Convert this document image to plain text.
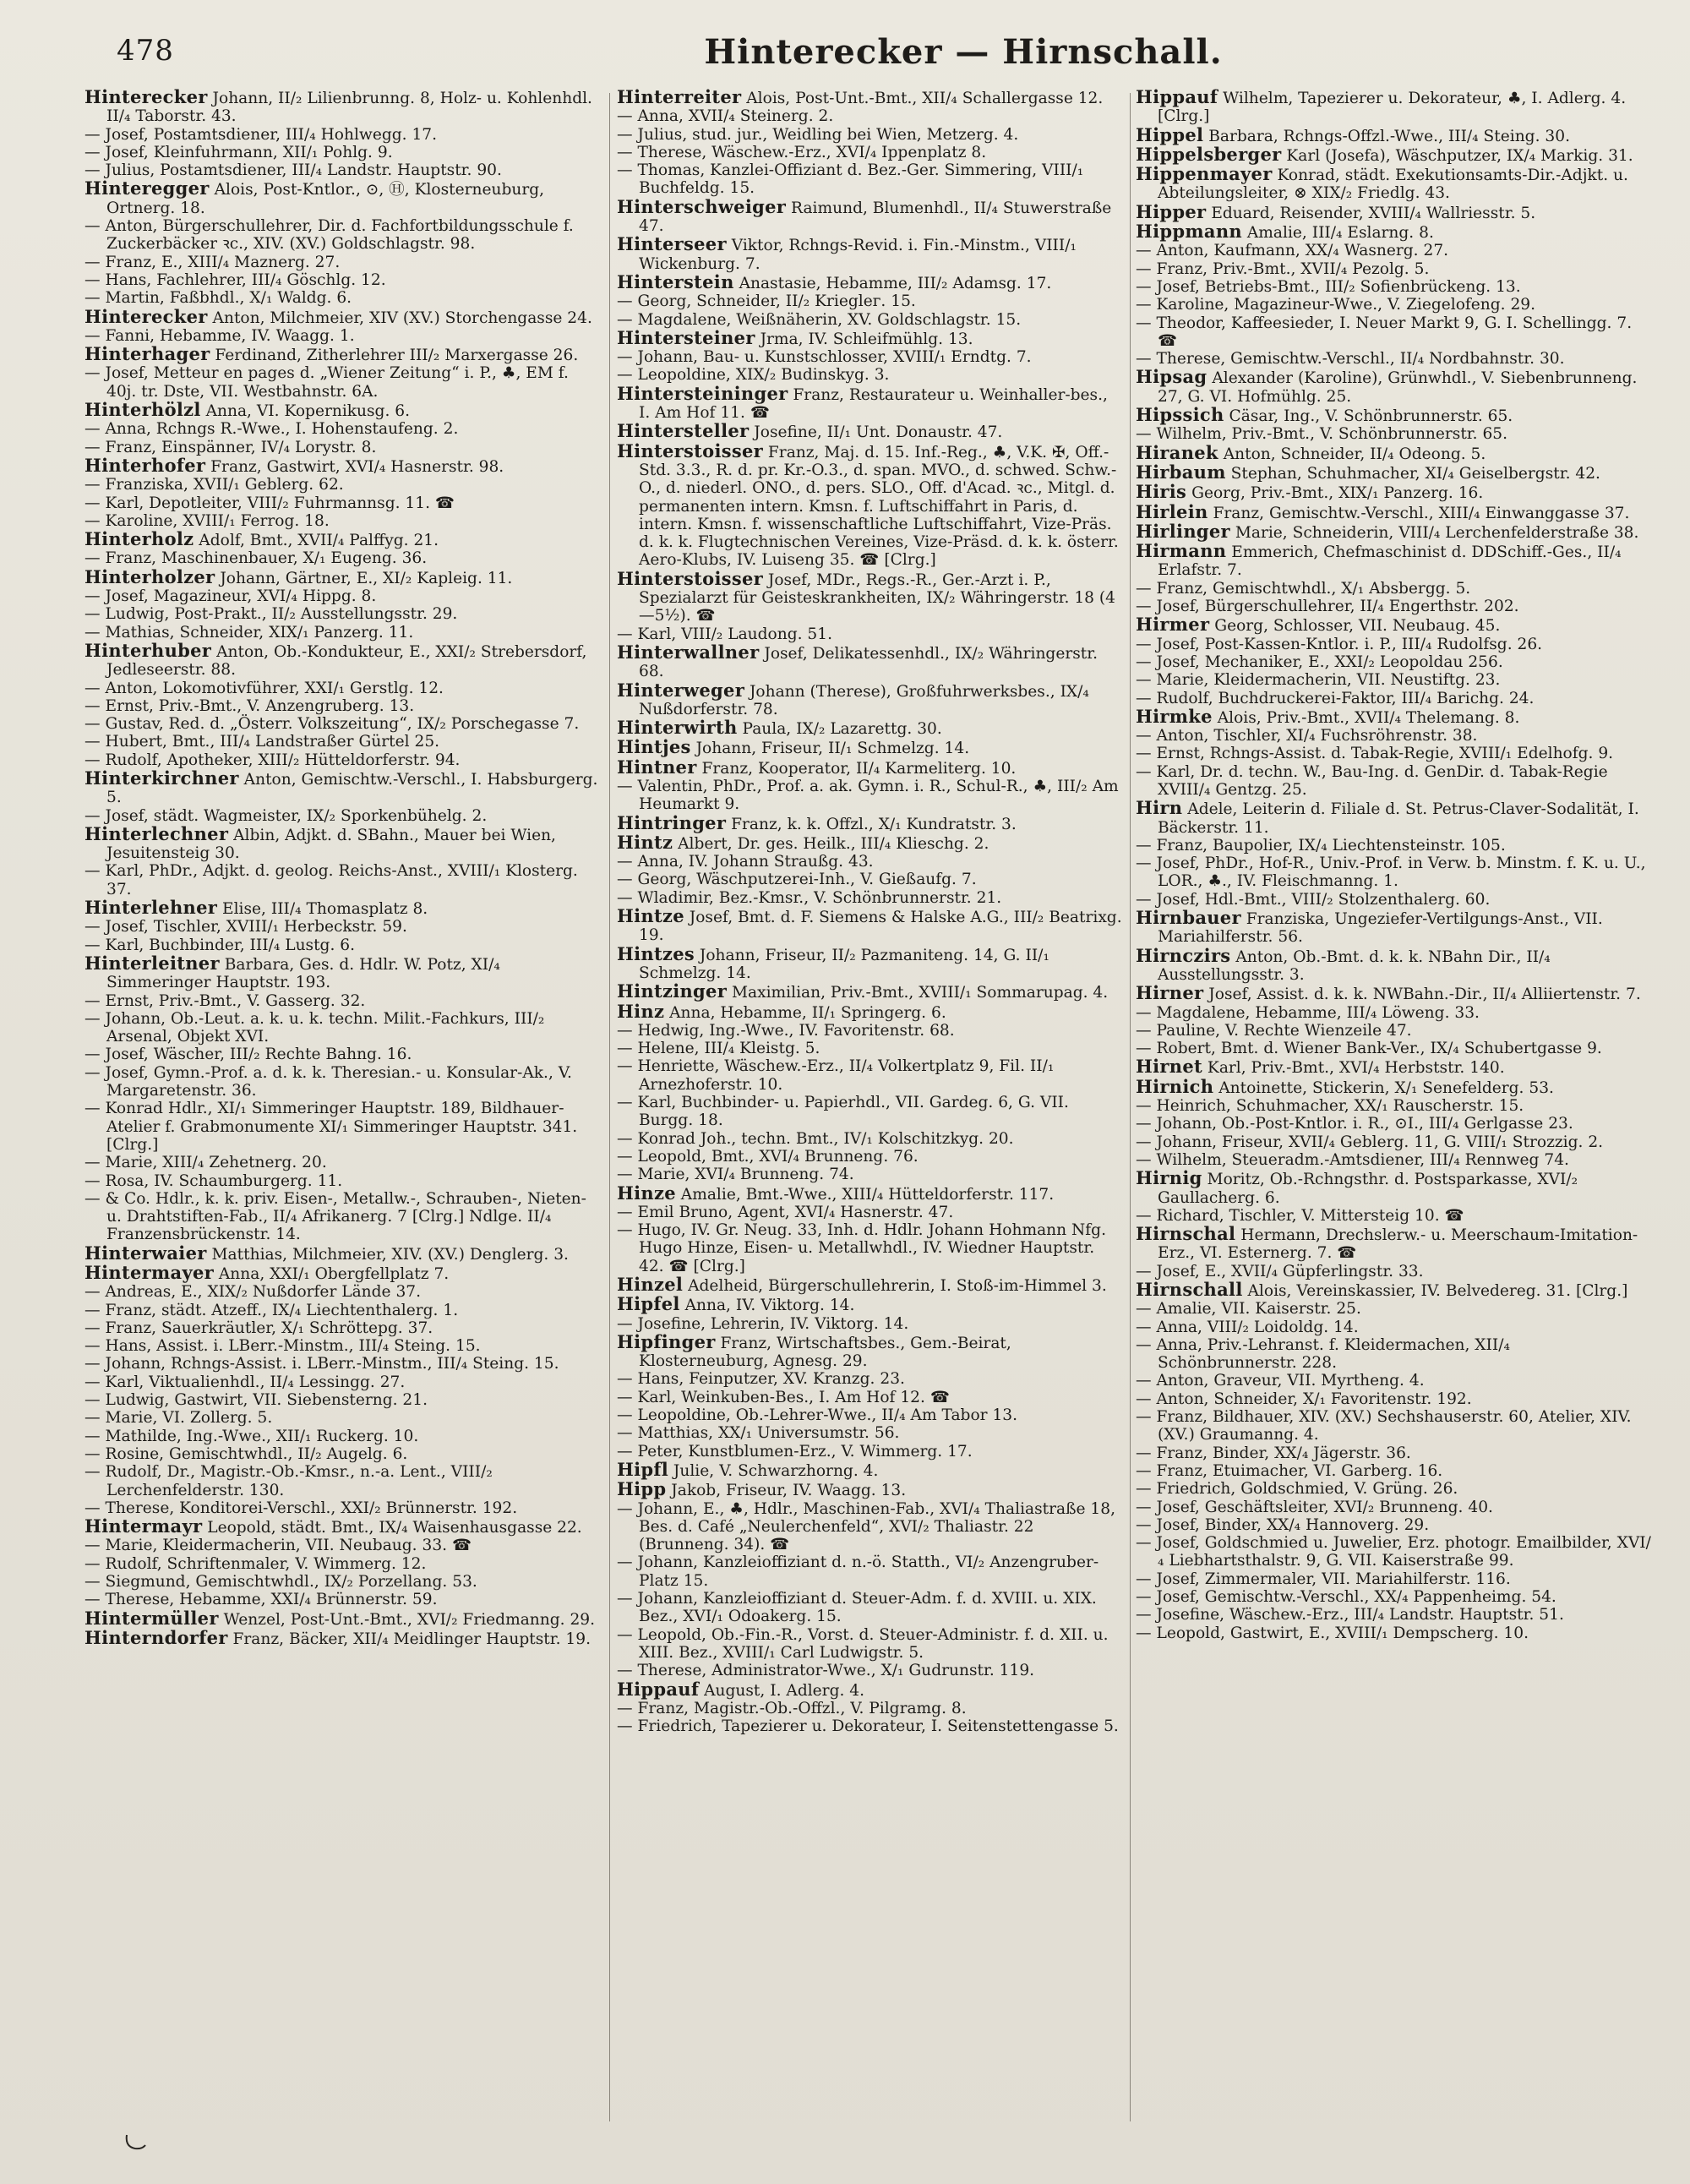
478	Hinterecker — Hirnschall.
Hinterecker Johann, II/₂ Lilienbrunng. 8, Holz- u. Kohlenhdl. II/₄ Taborstr. 43.
— Josef, Postamtsdiener, III/₄ Hohlwegg. 17.
— Josef, Kleinfuhrmann, XII/₁ Pohlg. 9.
— Julius, Postamtsdiener, III/₄ Landstr. Hauptstr. 90.
Hinteregger Alois, Post-Kntlor., ⊙, Ⓗ, Klosterneuburg, Ortnerg. 18.
— Anton, Bürgerschullehrer, Dir. d. Fachfortbildungsschule f. Zuckerbäcker ꝛc., XIV. (XV.) Goldschlagstr. 98.
— Franz, E., XIII/₄ Maznerg. 27.
— Hans, Fachlehrer, III/₄ Göschlg. 12.
— Martin, Faßbhdl., X/₁ Waldg. 6.
Hinterecker Anton, Milchmeier, XIV (XV.) Storchengasse 24.
— Fanni, Hebamme, IV. Waagg. 1.
Hinterhager Ferdinand, Zitherlehrer III/₂ Marxergasse 26.
— Josef, Metteur en pages d. „Wiener Zeitung“ i. P., ♣, EM f. 40j. tr. Dste, VII. Westbahnstr. 6A.
Hinterhölzl Anna, VI. Kopernikusg. 6.
— Anna, Rchngs R.-Wwe., I. Hohenstaufeng. 2.
— Franz, Einspänner, IV/₄ Lorystr. 8.
Hinterhofer Franz, Gastwirt, XVI/₄ Hasnerstr. 98.
— Franziska, XVII/₁ Geblerg. 62.
— Karl, Depotleiter, VIII/₂ Fuhrmannsg. 11. ☎
— Karoline, XVIII/₁ Ferrog. 18.
Hinterholz Adolf, Bmt., XVII/₄ Palffyg. 21.
— Franz, Maschinenbauer, X/₁ Eugeng. 36.
Hinterholzer Johann, Gärtner, E., XI/₂ Kapleig. 11.
— Josef, Magazineur, XVI/₄ Hippg. 8.
— Ludwig, Post-Prakt., II/₂ Ausstellungsstr. 29.
— Mathias, Schneider, XIX/₁ Panzerg. 11.
Hinterhuber Anton, Ob.-Kondukteur, E., XXI/₂ Strebersdorf, Jedleseerstr. 88.
— Anton, Lokomotivführer, XXI/₁ Gerstlg. 12.
— Ernst, Priv.-Bmt., V. Anzengruberg. 13.
— Gustav, Red. d. „Österr. Volkszeitung“, IX/₂ Porschegasse 7.
— Hubert, Bmt., III/₄ Landstraßer Gürtel 25.
— Rudolf, Apotheker, XIII/₂ Hütteldorferstr. 94.
Hinterkirchner Anton, Gemischtw.-Verschl., I. Habsburgerg. 5.
— Josef, städt. Wagmeister, IX/₂ Sporkenbühelg. 2.
Hinterlechner Albin, Adjkt. d. SBahn., Mauer bei Wien, Jesuitensteig 30.
— Karl, PhDr., Adjkt. d. geolog. Reichs-Anst., XVIII/₁ Klosterg. 37.
Hinterlehner Elise, III/₄ Thomasplatz 8.
— Josef, Tischler, XVIII/₁ Herbeckstr. 59.
— Karl, Buchbinder, III/₄ Lustg. 6.
Hinterleitner Barbara, Ges. d. Hdlr. W. Potz, XI/₄ Simmeringer Hauptstr. 193.
— Ernst, Priv.-Bmt., V. Gasserg. 32.
— Johann, Ob.-Leut. a. k. u. k. techn. Milit.-Fachkurs, III/₂ Arsenal, Objekt XVI.
— Josef, Wäscher, III/₂ Rechte Bahng. 16.
— Josef, Gymn.-Prof. a. d. k. k. Theresian.- u. Konsular-Ak., V. Margaretenstr. 36.
— Konrad Hdlr., XI/₁ Simmeringer Hauptstr. 189, Bildhauer-Atelier f. Grabmonumente XI/₁ Simmeringer Hauptstr. 341. [Clrg.]
— Marie, XIII/₄ Zehetnerg. 20.
— Rosa, IV. Schaumburgerg. 11.
— & Co. Hdlr., k. k. priv. Eisen-, Metallw.-, Schrauben-, Nieten- u. Drahtstiften-Fab., II/₄ Afrikanerg. 7 [Clrg.] Ndlge. II/₄ Franzensbrückenstr. 14.
Hinterwaier Matthias, Milchmeier, XIV. (XV.) Denglerg. 3.
Hintermayer Anna, XXI/₁ Obergfellplatz 7.
— Andreas, E., XIX/₂ Nußdorfer Lände 37.
— Franz, städt. Atzeff., IX/₄ Liechtenthalerg. 1.
— Franz, Sauerkräutler, X/₁ Schröttерg. 37.
— Hans, Assist. i. LBerr.-Minstm., III/₄ Steing. 15.
— Johann, Rchngs-Assist. i. LBerr.-Minstm., III/₄ Steing. 15.
— Karl, Viktualienhdl., II/₄ Lessingg. 27.
— Ludwig, Gastwirt, VII. Siebensterng. 21.
— Marie, VI. Zollerg. 5.
— Mathilde, Ing.-Wwe., XII/₁ Ruckerg. 10.
— Rosine, Gemischtwhdl., II/₂ Augelg. 6.
— Rudolf, Dr., Magistr.-Ob.-Kmsr., n.-a. Lent., VIII/₂ Lerchenfelderstr. 130.
— Therese, Konditorei-Verschl., XXI/₂ Brünnerstr. 192.
Hintermayr Leopold, städt. Bmt., IX/₄ Waisenhausgasse 22.
— Marie, Kleidermacherin, VII. Neubaug. 33. ☎
— Rudolf, Schriftenmaler, V. Wimmerg. 12.
— Siegmund, Gemischtwhdl., IX/₂ Porzellang. 53.
— Therese, Hebamme, XXI/₄ Brünnerstr. 59.
Hintermüller Wenzel, Post-Unt.-Bmt., XVI/₂ Friedmanng. 29.
Hinterndorfer Franz, Bäcker, XII/₄ Meidlinger Hauptstr. 19.
Hinterreiter Alois, Post-Unt.-Bmt., XII/₄ Schallergasse 12.
— Anna, XVII/₄ Steinerg. 2.
— Julius, stud. jur., Weidling bei Wien, Metzerg. 4.
— Therese, Wäschew.-Erz., XVI/₄ Ippenplatz 8.
— Thomas, Kanzlei-Offiziant d. Bez.-Ger. Simmering, VIII/₁ Buchfeldg. 15.
Hinterschweiger Raimund, Blumenhdl., II/₄ Stuwerstraße 47.
Hinterseer Viktor, Rchngs-Revid. i. Fin.-Minstm., VIII/₁ Wickenburg. 7.
Hinterstein Anastasie, Hebamme, III/₂ Adamsg. 17.
— Georg, Schneider, II/₂ Kriegleг. 15.
— Magdalene, Weißnäherin, XV. Goldschlagstr. 15.
Hintersteiner Jrma, IV. Schleifmühlg. 13.
— Johann, Bau- u. Kunstschlosser, XVIII/₁ Erndtg. 7.
— Leopoldine, XIX/₂ Budinskyg. 3.
Hintersteininger Franz, Restaurateur u. Weinhaller-bes., I. Am Hof 11. ☎
Hintersteller Josefine, II/₁ Unt. Donaustr. 47.
Hinterstoisser Franz, Maj. d. 15. Inf.-Reg., ♣, V.K. ✠, Off.-Std. 3.3., R. d. pr. Kr.-O.3., d. span. MVO., d. schwed. Schw.-O., d. niederl. ONO., d. pers. SLO., Off. d'Acad. ꝛc., Mitgl. d. permanenten intern. Kmsn. f. Luftschiffahrt in Paris, d. intern. Kmsn. f. wissenschaftliche Luftschiffahrt, Vize-Präs. d. k. k. Flugtechnischen Vereines, Vize-Präsd. d. k. k. österr. Aero-Klubs, IV. Luiseng 35. ☎ [Clrg.]
Hinterstoisser Josef, MDr., Regs.-R., Ger.-Arzt i. P., Spezialarzt für Geisteskrankheiten, IX/₂ Währingerstr. 18 (4—5½). ☎
— Karl, VIII/₂ Laudong. 51.
Hinterwallner Josef, Delikatessenhdl., IX/₂ Währingerstr. 68.
Hinterweger Johann (Therese), Großfuhrwerksbes., IX/₄ Nußdorferstr. 78.
Hinterwirth Paula, IX/₂ Lazarettg. 30.
Hintjes Johann, Friseur, II/₁ Schmelzg. 14.
Hintner Franz, Kooperator, II/₄ Karmeliterg. 10.
— Valentin, PhDr., Prof. a. ak. Gymn. i. R., Schul-R., ♣, III/₂ Am Heumarkt 9.
Hintringer Franz, k. k. Offzl., X/₁ Kundratstr. 3.
Hintz Albert, Dr. ges. Heilk., III/₄ Klieschg. 2.
— Anna, IV. Johann Straußg. 43.
— Georg, Wäschputzerei-Inh., V. Gießaufg. 7.
— Wladimir, Bez.-Kmsr., V. Schönbrunnerstr. 21.
Hintze Josef, Bmt. d. F. Siemens & Halske A.G., III/₂ Beatrixg. 19.
Hintzes Johann, Friseur, II/₂ Pazmaniteng. 14, G. II/₁ Schmelzg. 14.
Hintzinger Maximilian, Priv.-Bmt., XVIII/₁ Sommarupag. 4.
Hinz Anna, Hebamme, II/₁ Springerg. 6.
— Hedwig, Ing.-Wwe., IV. Favoritenstr. 68.
— Helene, III/₄ Kleistg. 5.
— Henriette, Wäschew.-Erz., II/₄ Volkertplatz 9, Fil. II/₁ Arnezhoferstr. 10.
— Karl, Buchbinder- u. Papierhdl., VII. Gardeg. 6, G. VII. Burgg. 18.
— Konrad Joh., techn. Bmt., IV/₁ Kolschitzkyg. 20.
— Leopold, Bmt., XVI/₄ Brunneng. 76.
— Marie, XVI/₄ Brunneng. 74.
Hinze Amalie, Bmt.-Wwe., XIII/₄ Hütteldorferstr. 117.
— Emil Bruno, Agent, XVI/₄ Hasnerstr. 47.
— Hugo, IV. Gr. Neug. 33, Inh. d. Hdlr. Johann Hohmann Nfg. Hugo Hinze, Eisen- u. Metallwhdl., IV. Wiedner Hauptstr. 42. ☎ [Clrg.]
Hinzel Adelheid, Bürgerschullehrerin, I. Stoß-im-Himmel 3.
Hipfel Anna, IV. Viktorg. 14.
— Josefine, Lehrerin, IV. Viktorg. 14.
Hipfinger Franz, Wirtschaftsbes., Gem.-Beirat, Klosterneuburg, Agnesg. 29.
— Hans, Feinputzer, XV. Kranzg. 23.
— Karl, Weinkuben-Bes., I. Am Hof 12. ☎
— Leopoldine, Ob.-Lehrer-Wwe., II/₄ Am Tabor 13.
— Matthias, XX/₁ Universumstr. 56.
— Peter, Kunstblumen-Erz., V. Wimmerg. 17.
Hipfl Julie, V. Schwarzhorng. 4.
Hipp Jakob, Friseur, IV. Waagg. 13.
— Johann, E., ♣, Hdlr., Maschinen-Fab., XVI/₄ Thaliastraße 18, Bes. d. Café „Neulerchenfeld“, XVI/₂ Thaliastr. 22 (Brunneng. 34). ☎
— Johann, Kanzleioffiziant d. n.-ö. Statth., VI/₂ Anzengruber-Platz 15.
— Johann, Kanzleioffiziant d. Steuer-Adm. f. d. XVIII. u. XIX. Bez., XVI/₁ Odoakerg. 15.
— Leopold, Ob.-Fin.-R., Vorst. d. Steuer-Administr. f. d. XII. u. XIII. Bez., XVIII/₁ Carl Ludwigstr. 5.
— Therese, Administrator-Wwe., X/₁ Gudrunstr. 119.
Hippauf August, I. Adlerg. 4.
— Franz, Magistr.-Ob.-Offzl., V. Pilgramg. 8.
— Friedrich, Tapezierer u. Dekorateur, I. Seitenstettengasse 5.
Hippauf Wilhelm, Tapezierer u. Dekorateur, ♣, I. Adlerg. 4. [Clrg.]
Hippel Barbara, Rchngs-Offzl.-Wwe., III/₄ Steing. 30.
Hippelsberger Karl (Josefa), Wäschputzer, IX/₄ Markig. 31.
Hippenmayer Konrad, städt. Exekutionsamts-Dir.-Adjkt. u. Abteilungsleiter, ⊗ XIX/₂ Friedlg. 43.
Hipper Eduard, Reisender, XVIII/₄ Wallriesstr. 5.
Hippmann Amalie, III/₄ Eslarng. 8.
— Anton, Kaufmann, XX/₄ Wasnerg. 27.
— Franz, Priv.-Bmt., XVII/₄ Pezolg. 5.
— Josef, Betriebs-Bmt., III/₂ Sofienbrückeng. 13.
— Karoline, Magazineur-Wwe., V. Ziegelofeng. 29.
— Theodor, Kaffeesieder, I. Neuer Markt 9, G. I. Schellingg. 7. ☎
— Therese, Gemischtw.-Verschl., II/₄ Nordbahnstr. 30.
Hipsag Alexander (Karoline), Grünwhdl., V. Siebenbrunneng. 27, G. VI. Hofmühlg. 25.
Hipssich Cäsar, Ing., V. Schönbrunnerstr. 65.
— Wilhelm, Priv.-Bmt., V. Schönbrunnerstr. 65.
Hiranek Anton, Schneider, II/₄ Odeong. 5.
Hirbaum Stephan, Schuhmacher, XI/₄ Geiselbergstr. 42.
Hiris Georg, Priv.-Bmt., XIX/₁ Panzerg. 16.
Hirlein Franz, Gemischtw.-Verschl., XIII/₄ Einwanggasse 37.
Hirlinger Marie, Schneiderin, VIII/₄ Lerchenfelderstraße 38.
Hirmann Emmerich, Chefmaschinist d. DDSchiff.-Ges., II/₄ Erlafstr. 7.
— Franz, Gemischtwhdl., X/₁ Absbergg. 5.
— Josef, Bürgerschullehrer, II/₄ Engerthstr. 202.
Hirmer Georg, Schlosser, VII. Neubaug. 45.
— Josef, Post-Kassen-Kntlor. i. P., III/₄ Rudolfsg. 26.
— Josef, Mechaniker, E., XXI/₂ Leopoldau 256.
— Marie, Kleidermacherin, VII. Neustiftg. 23.
— Rudolf, Buchdruckerei-Faktor, III/₄ Barichg. 24.
Hirmke Alois, Priv.-Bmt., XVII/₄ Thelemang. 8.
— Anton, Tischler, XI/₄ Fuchsröhrenstr. 38.
— Ernst, Rchngs-Assist. d. Tabak-Regie, XVIII/₁ Edelhofg. 9.
— Karl, Dr. d. techn. W., Bau-Ing. d. GenDir. d. Tabak-Regie XVIII/₄ Gentzg. 25.
Hirn Adele, Leiterin d. Filiale d. St. Petrus-Claver-Sodalität, I. Bäckerstr. 11.
— Franz, Baupolier, IX/₄ Liechtensteinstr. 105.
— Josef, PhDr., Hof-R., Univ.-Prof. in Verw. b. Minstm. f. K. u. U., LOR., ♣., IV. Fleischmanng. 1.
— Josef, Hdl.-Bmt., VIII/₂ Stolzenthalerg. 60.
Hirnbauer Franziska, Ungeziefer-Vertilgungs-Anst., VII. Mariahilferstr. 56.
Hirnczirs Anton, Ob.-Bmt. d. k. k. NBahn Dir., II/₄ Ausstellungsstr. 3.
Hirner Josef, Assist. d. k. k. NWBahn.-Dir., II/₄ Alliiertenstr. 7.
— Magdalene, Hebamme, III/₄ Löweng. 33.
— Pauline, V. Rechte Wienzeile 47.
— Robert, Bmt. d. Wiener Bank-Ver., IX/₄ Schubertgasse 9.
Hirnet Karl, Priv.-Bmt., XVI/₄ Herbststr. 140.
Hirnich Antoinette, Stickerin, X/₁ Senefelderg. 53.
— Heinrich, Schuhmacher, XX/₁ Rauscherstr. 15.
— Johann, Ob.-Post-Kntlor. i. R., ⊙I., III/₄ Gerlgasse 23.
— Johann, Friseur, XVII/₄ Geblerg. 11, G. VIII/₁ Strozzig. 2.
— Wilhelm, Steueradm.-Amtsdiener, III/₄ Rennweg 74.
Hirnig Moritz, Ob.-Rchngsthr. d. Postsparkasse, XVI/₂ Gaullacherg. 6.
— Richard, Tischler, V. Mittersteig 10. ☎
Hirnschal Hermann, Drechslerw.- u. Meerschaum-Imitation-Erz., VI. Esternerg. 7. ☎
— Josef, E., XVII/₄ Güpferlingstr. 33.
Hirnschall Alois, Vereinskassier, IV. Belvedereg. 31. [Clrg.]
— Amalie, VII. Kaiserstr. 25.
— Anna, VIII/₂ Loidoldg. 14.
— Anna, Priv.-Lehranst. f. Kleidermachen, XII/₄ Schönbrunnerstr. 228.
— Anton, Graveur, VII. Myrtheng. 4.
— Anton, Schneider, X/₁ Favoritenstr. 192.
— Franz, Bildhauer, XIV. (XV.) Sechshauserstr. 60, Atelier, XIV. (XV.) Graumanng. 4.
— Franz, Binder, XX/₄ Jägerstr. 36.
— Franz, Etuimacher, VI. Garberg. 16.
— Friedrich, Goldschmied, V. Grüng. 26.
— Josef, Geschäftsleiter, XVI/₂ Brunneng. 40.
— Josef, Binder, XX/₄ Hannoverg. 29.
— Josef, Goldschmied u. Juwelier, Erz. photogr. Emailbilder, XVI/₄ Liebhartsthalstr. 9, G. VII. Kaiserstraße 99.
— Josef, Zimmermaler, VII. Mariahilferstr. 116.
— Josef, Gemischtw.-Verschl., XX/₄ Pappenheimg. 54.
— Josefine, Wäschew.-Erz., III/₄ Landstr. Hauptstr. 51.
— Leopold, Gastwirt, E., XVIII/₁ Dempscherg. 10.
